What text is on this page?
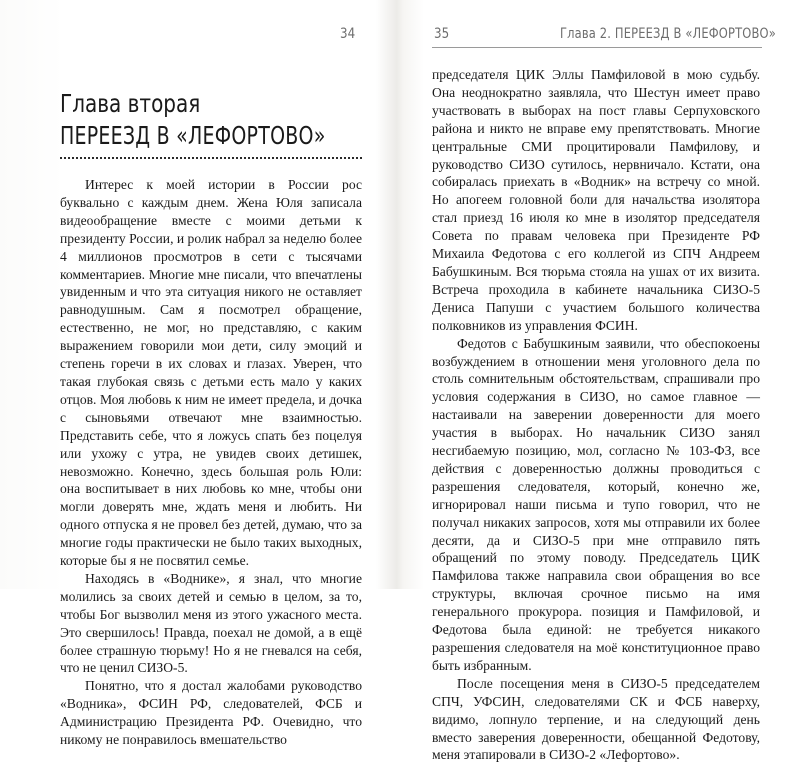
34
Глава вторая
ПЕРЕЕЗД В «ЛЕФОРТОВО»

Интерес к моей истории в России рос буквально с каждым днем. Жена Юля записала видеообращение вместе с моими детьми к президенту России, и ролик набрал за неделю более 4 миллионов просмотров в сети с тысячами комментариев. Многие мне писали, что впечатлены увиденным и что эта ситуация никого не оставляет равнодушным. Сам я посмотрел обращение, естественно, не мог, но представляю, с каким выражением говорили мои дети, силу эмоций и степень горечи в их словах и глазах. Уверен, что такая глубокая связь с детьми есть мало у каких отцов. Моя любовь к ним не имеет предела, и дочка с сыновьями отвечают мне взаимностью. Представить себе, что я ложусь спать без поцелуя или ухожу с утра, не увидев своих детишек, невозможно. Конечно, здесь большая роль Юли: она воспитывает в них любовь ко мне, чтобы они могли доверять мне, ждать меня и любить. Ни одного отпуска я не провел без детей, думаю, что за многие годы практически не было таких выходных, которые бы я не посвятил семье.

Находясь в «Воднике», я знал, что многие молились за своих детей и семью в целом, за то, чтобы Бог вызволил меня из этого ужасного места. Это свершилось! Правда, поехал не домой, а в ещё более страшную тюрьму! Но я не гневался на себя, что не ценил СИЗО-5.

Понятно, что я достал жалобами руководство «Водника», ФСИН РФ, следователей, ФСБ и Администрацию Президента РФ. Очевидно, что никому не понравилось вмешательство

35	Глава 2. ПЕРЕЕЗД В «ЛЕФОРТОВО»

председателя ЦИК Эллы Памфиловой в мою судьбу. Она неоднократно заявляла, что Шестун имеет право участвовать в выборах на пост главы Серпуховского района и никто не вправе ему препятствовать. Многие центральные СМИ процитировали Памфилову, и руководство СИЗО сутилось, нервничало. Кстати, она собиралась приехать в «Водник» на встречу со мной. Но апогеем головной боли для начальства изолятора стал приезд 16 июля ко мне в изолятор председателя Совета по правам человека при Президенте РФ Михаила Федотова с его коллегой из СПЧ Андреем Бабушкиным. Вся тюрьма стояла на ушах от их визита. Встреча проходила в кабинете начальника СИЗО-5 Дениса Папуши с участием большого количества полковников из управления ФСИН.

Федотов с Бабушкиным заявили, что обеспокоены возбуждением в отношении меня уголовного дела по столь сомнительным обстоятельствам, спрашивали про условия содержания в СИЗО, но самое главное — настаивали на заверении доверенности для моего участия в выборах. Но начальник СИЗО занял несгибаемую позицию, мол, согласно № 103-ФЗ, все действия с доверенностью должны проводиться с разрешения следователя, который, конечно же, игнорировал наши письма и тупо говорил, что не получал никаких запросов, хотя мы отправили их более десяти, да и СИЗО-5 при мне отправило пять обращений по этому поводу. Председатель ЦИК Памфилова также направила свои обращения во все структуры, включая срочное письмо на имя генерального прокурора. позиция и Памфиловой, и Федотова была единой: не требуется никакого разрешения следователя на моё конституционное право быть избранным.

После посещения меня в СИЗО-5 председателем СПЧ, УФСИН, следователями СК и ФСБ наверху, видимо, лопнуло терпение, и на следующий день вместо заверения доверенности, обещанной Федотову, меня этапировали в СИЗО-2 «Лефортово».
